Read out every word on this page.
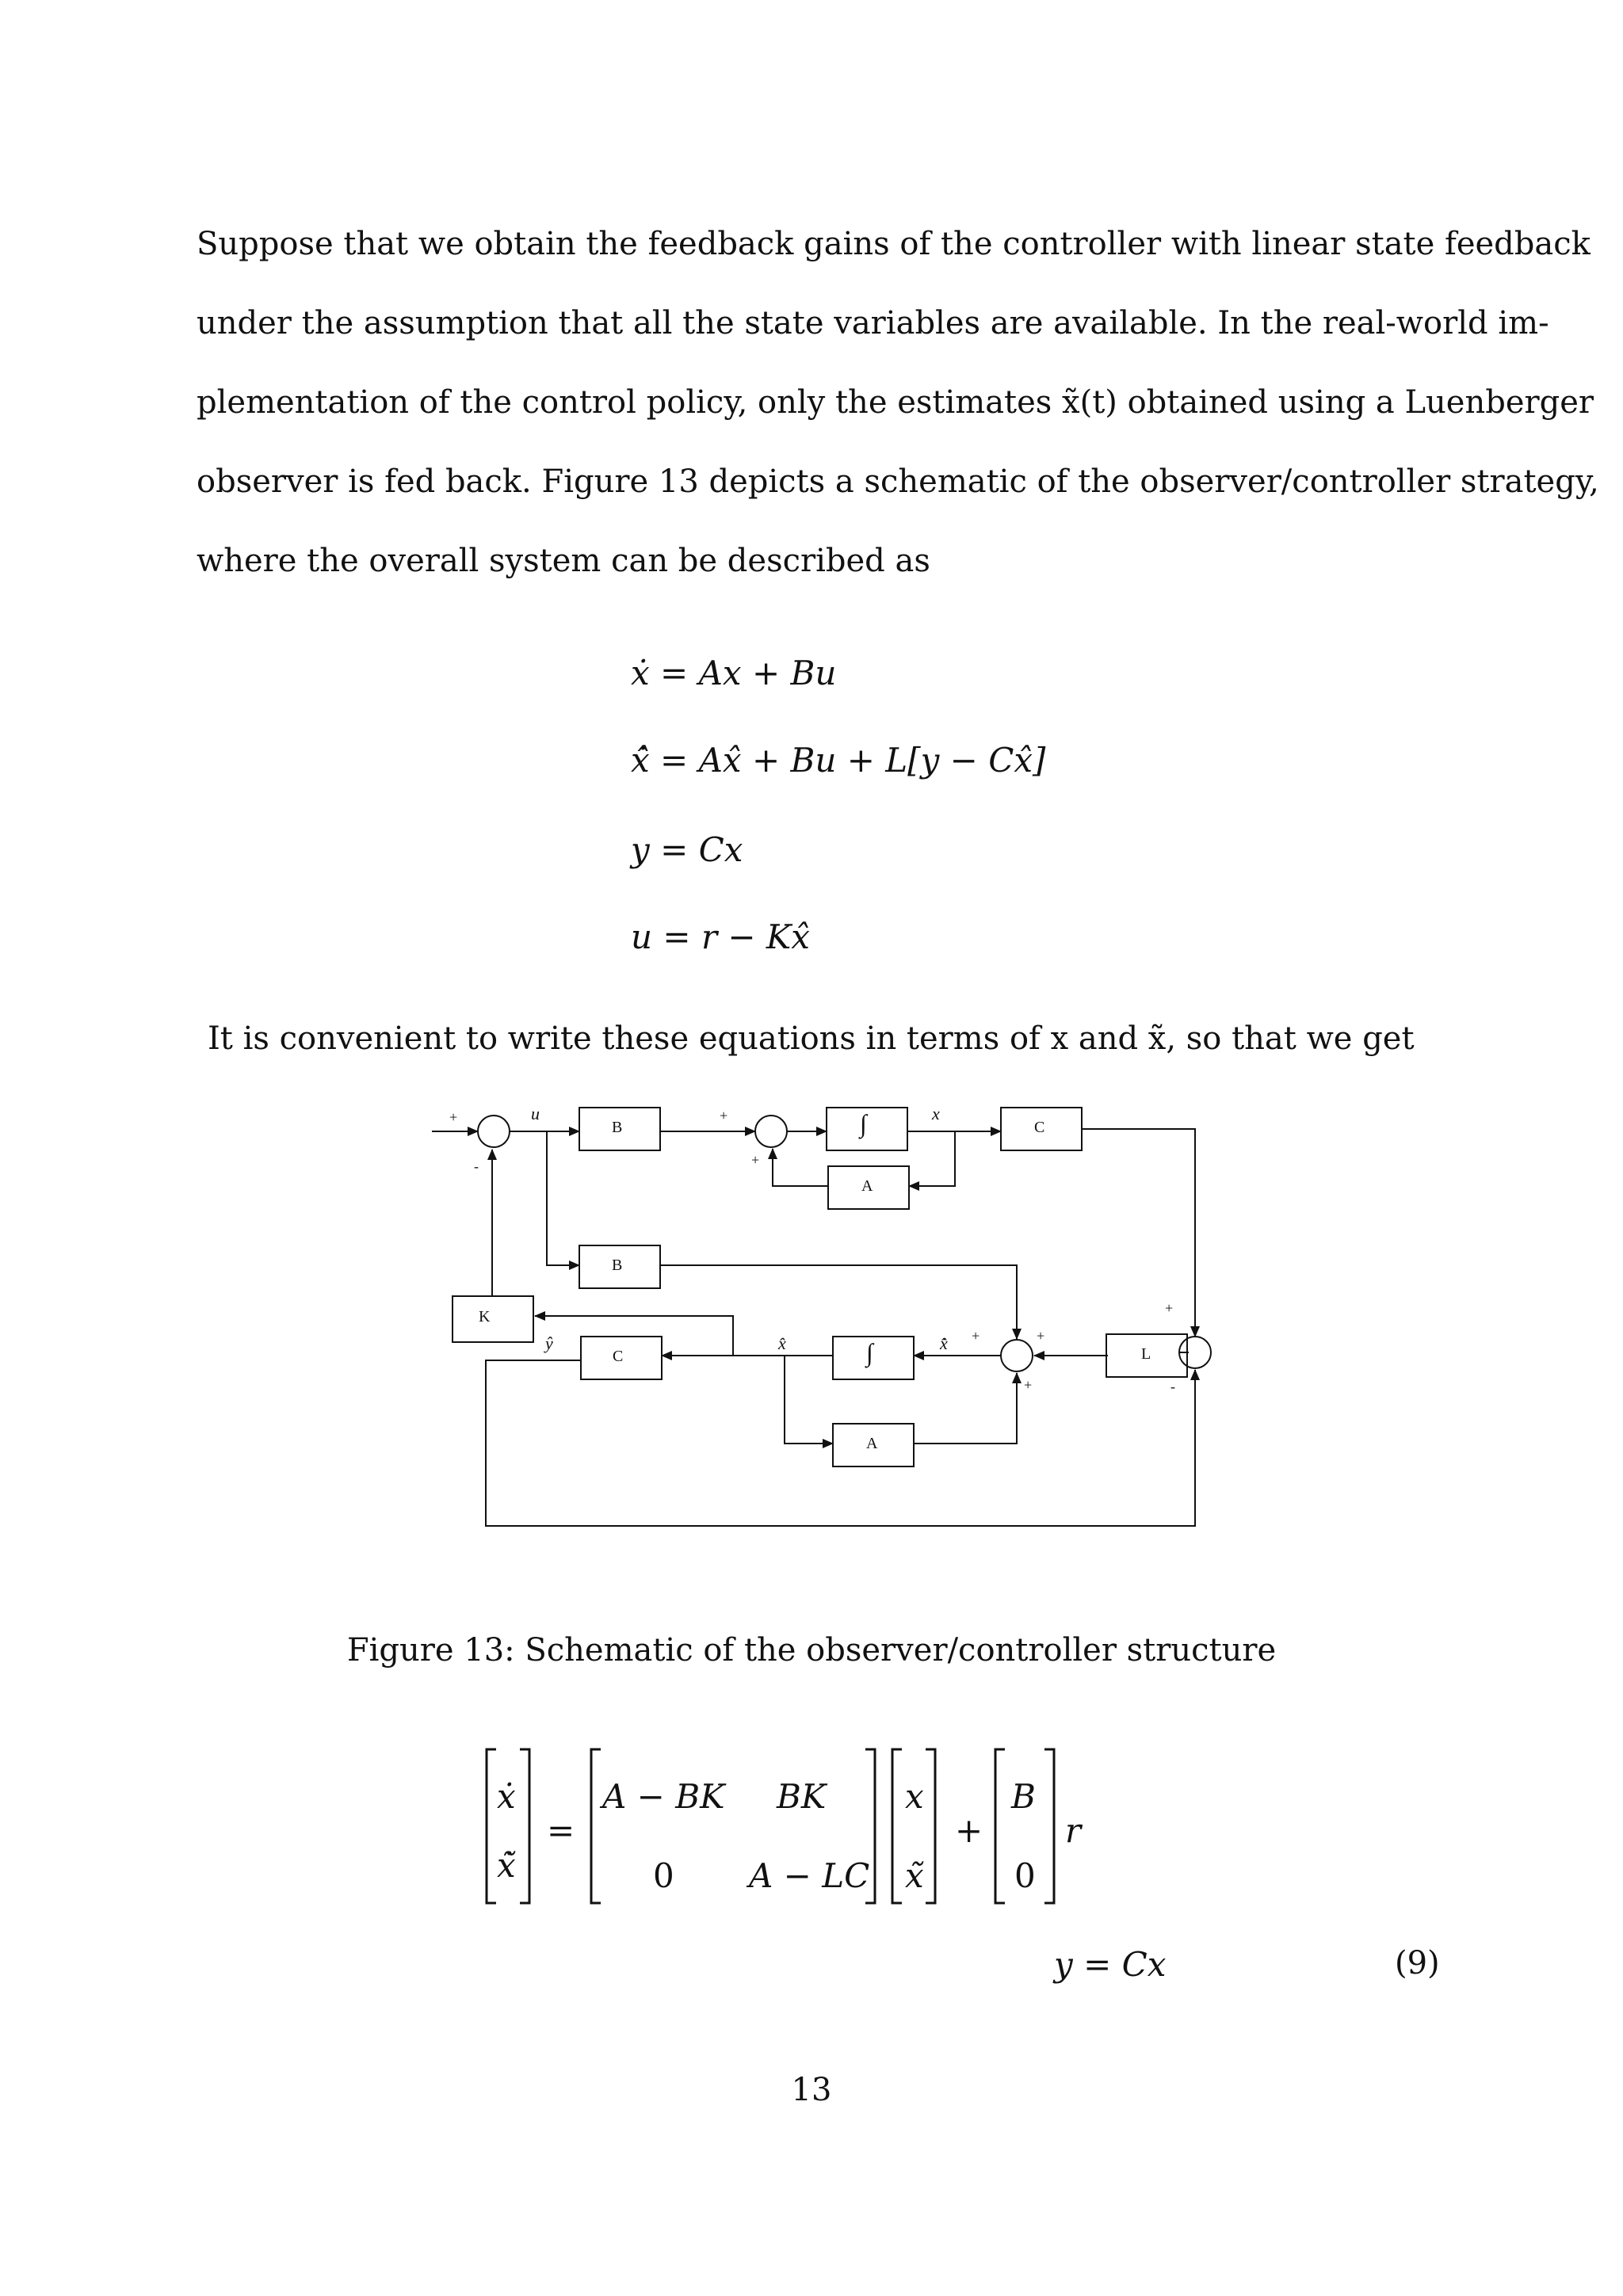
Suppose that we obtain the feedback gains of the controller with linear state feedback
under the assumption that all the state variables are available. In the real-world im-
plementation of the control policy, only the estimates x̃(t) obtained using a Luenberger
observer is fed back. Figure 13 depicts a schematic of the observer/controller strategy,
where the overall system can be described as
ẋ = Ax + Bu
x̂̇ = Ax̂ + Bu + L[y − Cx̂]
y = Cx
u = r − Kx̂
It is convenient to write these equations in terms of x and x̃, so that we get
B	∫
A
C
B
K
C	∫
A
L
u	x
ŷ	x̂	x̂̇
+
-
+
+
+	+
+
+
-
Figure 13: Schematic of the observer/controller structure
ẋ
x̃̇
=
A − BK BK
0 A − LC
x
x̃
+
B
0
r
y = Cx	(9)
13
